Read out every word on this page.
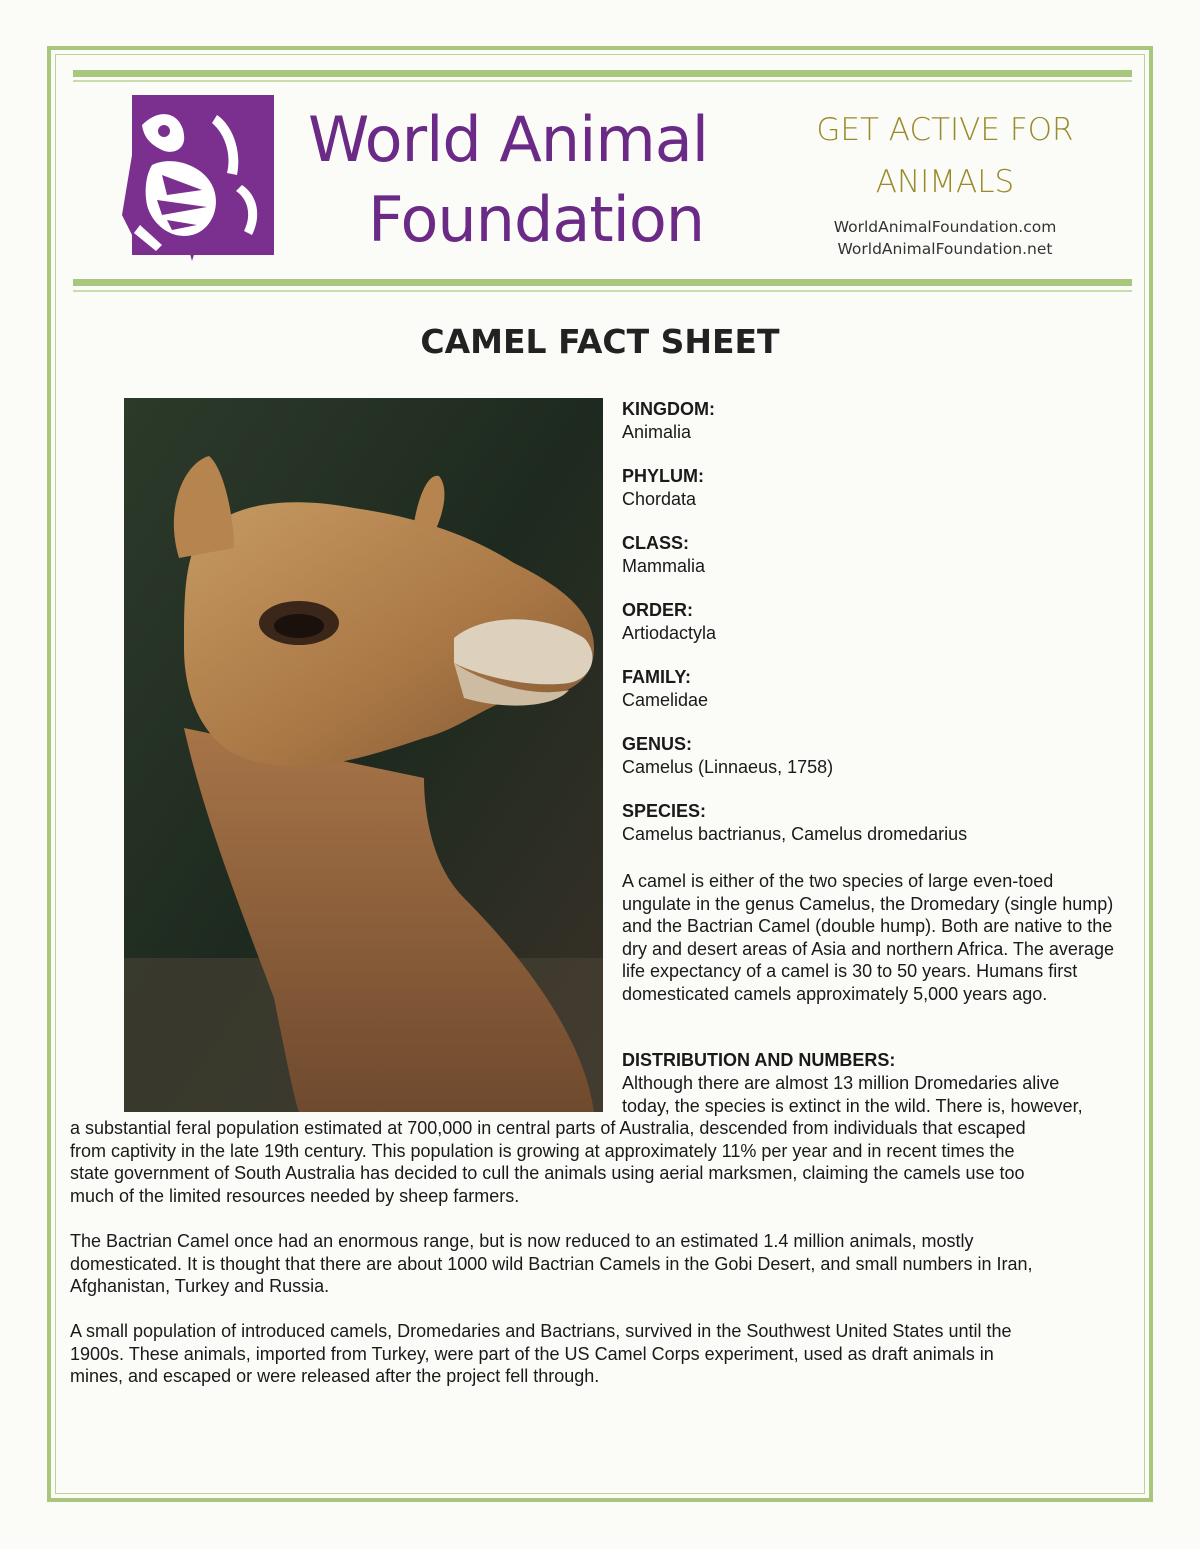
World Animal
Foundation
GET ACTIVE FOR
ANIMALS
WorldAnimalFoundation.com
WorldAnimalFoundation.net
CAMEL FACT SHEET
KINGDOM:
Animalia
PHYLUM:
Chordata
CLASS:
Mammalia
ORDER:
Artiodactyla
FAMILY:
Camelidae
GENUS:
Camelus (Linnaeus, 1758)
SPECIES:
Camelus bactrianus, Camelus dromedarius

A camel is either of the two species of large even-toed ungulate in the genus Camelus, the Dromedary (single hump) and the Bactrian Camel (double hump). Both are native to the dry and desert areas of Asia and northern Africa. The average life expectancy of a camel is 30 to 50 years. Humans first domesticated camels approximately 5,000 years ago.

DISTRIBUTION AND NUMBERS:
Although there are almost 13 million Dromedaries alive
today, the species is extinct in the wild. There is, however,
a substantial feral population estimated at 700,000 in central parts of Australia, descended from individuals that escaped
from captivity in the late 19th century. This population is growing at approximately 11% per year and in recent times the
state government of South Australia has decided to cull the animals using aerial marksmen, claiming the camels use too
much of the limited resources needed by sheep farmers.
The Bactrian Camel once had an enormous range, but is now reduced to an estimated 1.4 million animals, mostly
domesticated. It is thought that there are about 1000 wild Bactrian Camels in the Gobi Desert, and small numbers in Iran,
Afghanistan, Turkey and Russia.
A small population of introduced camels, Dromedaries and Bactrians, survived in the Southwest United States until the
1900s. These animals, imported from Turkey, were part of the US Camel Corps experiment, used as draft animals in
mines, and escaped or were released after the project fell through.
